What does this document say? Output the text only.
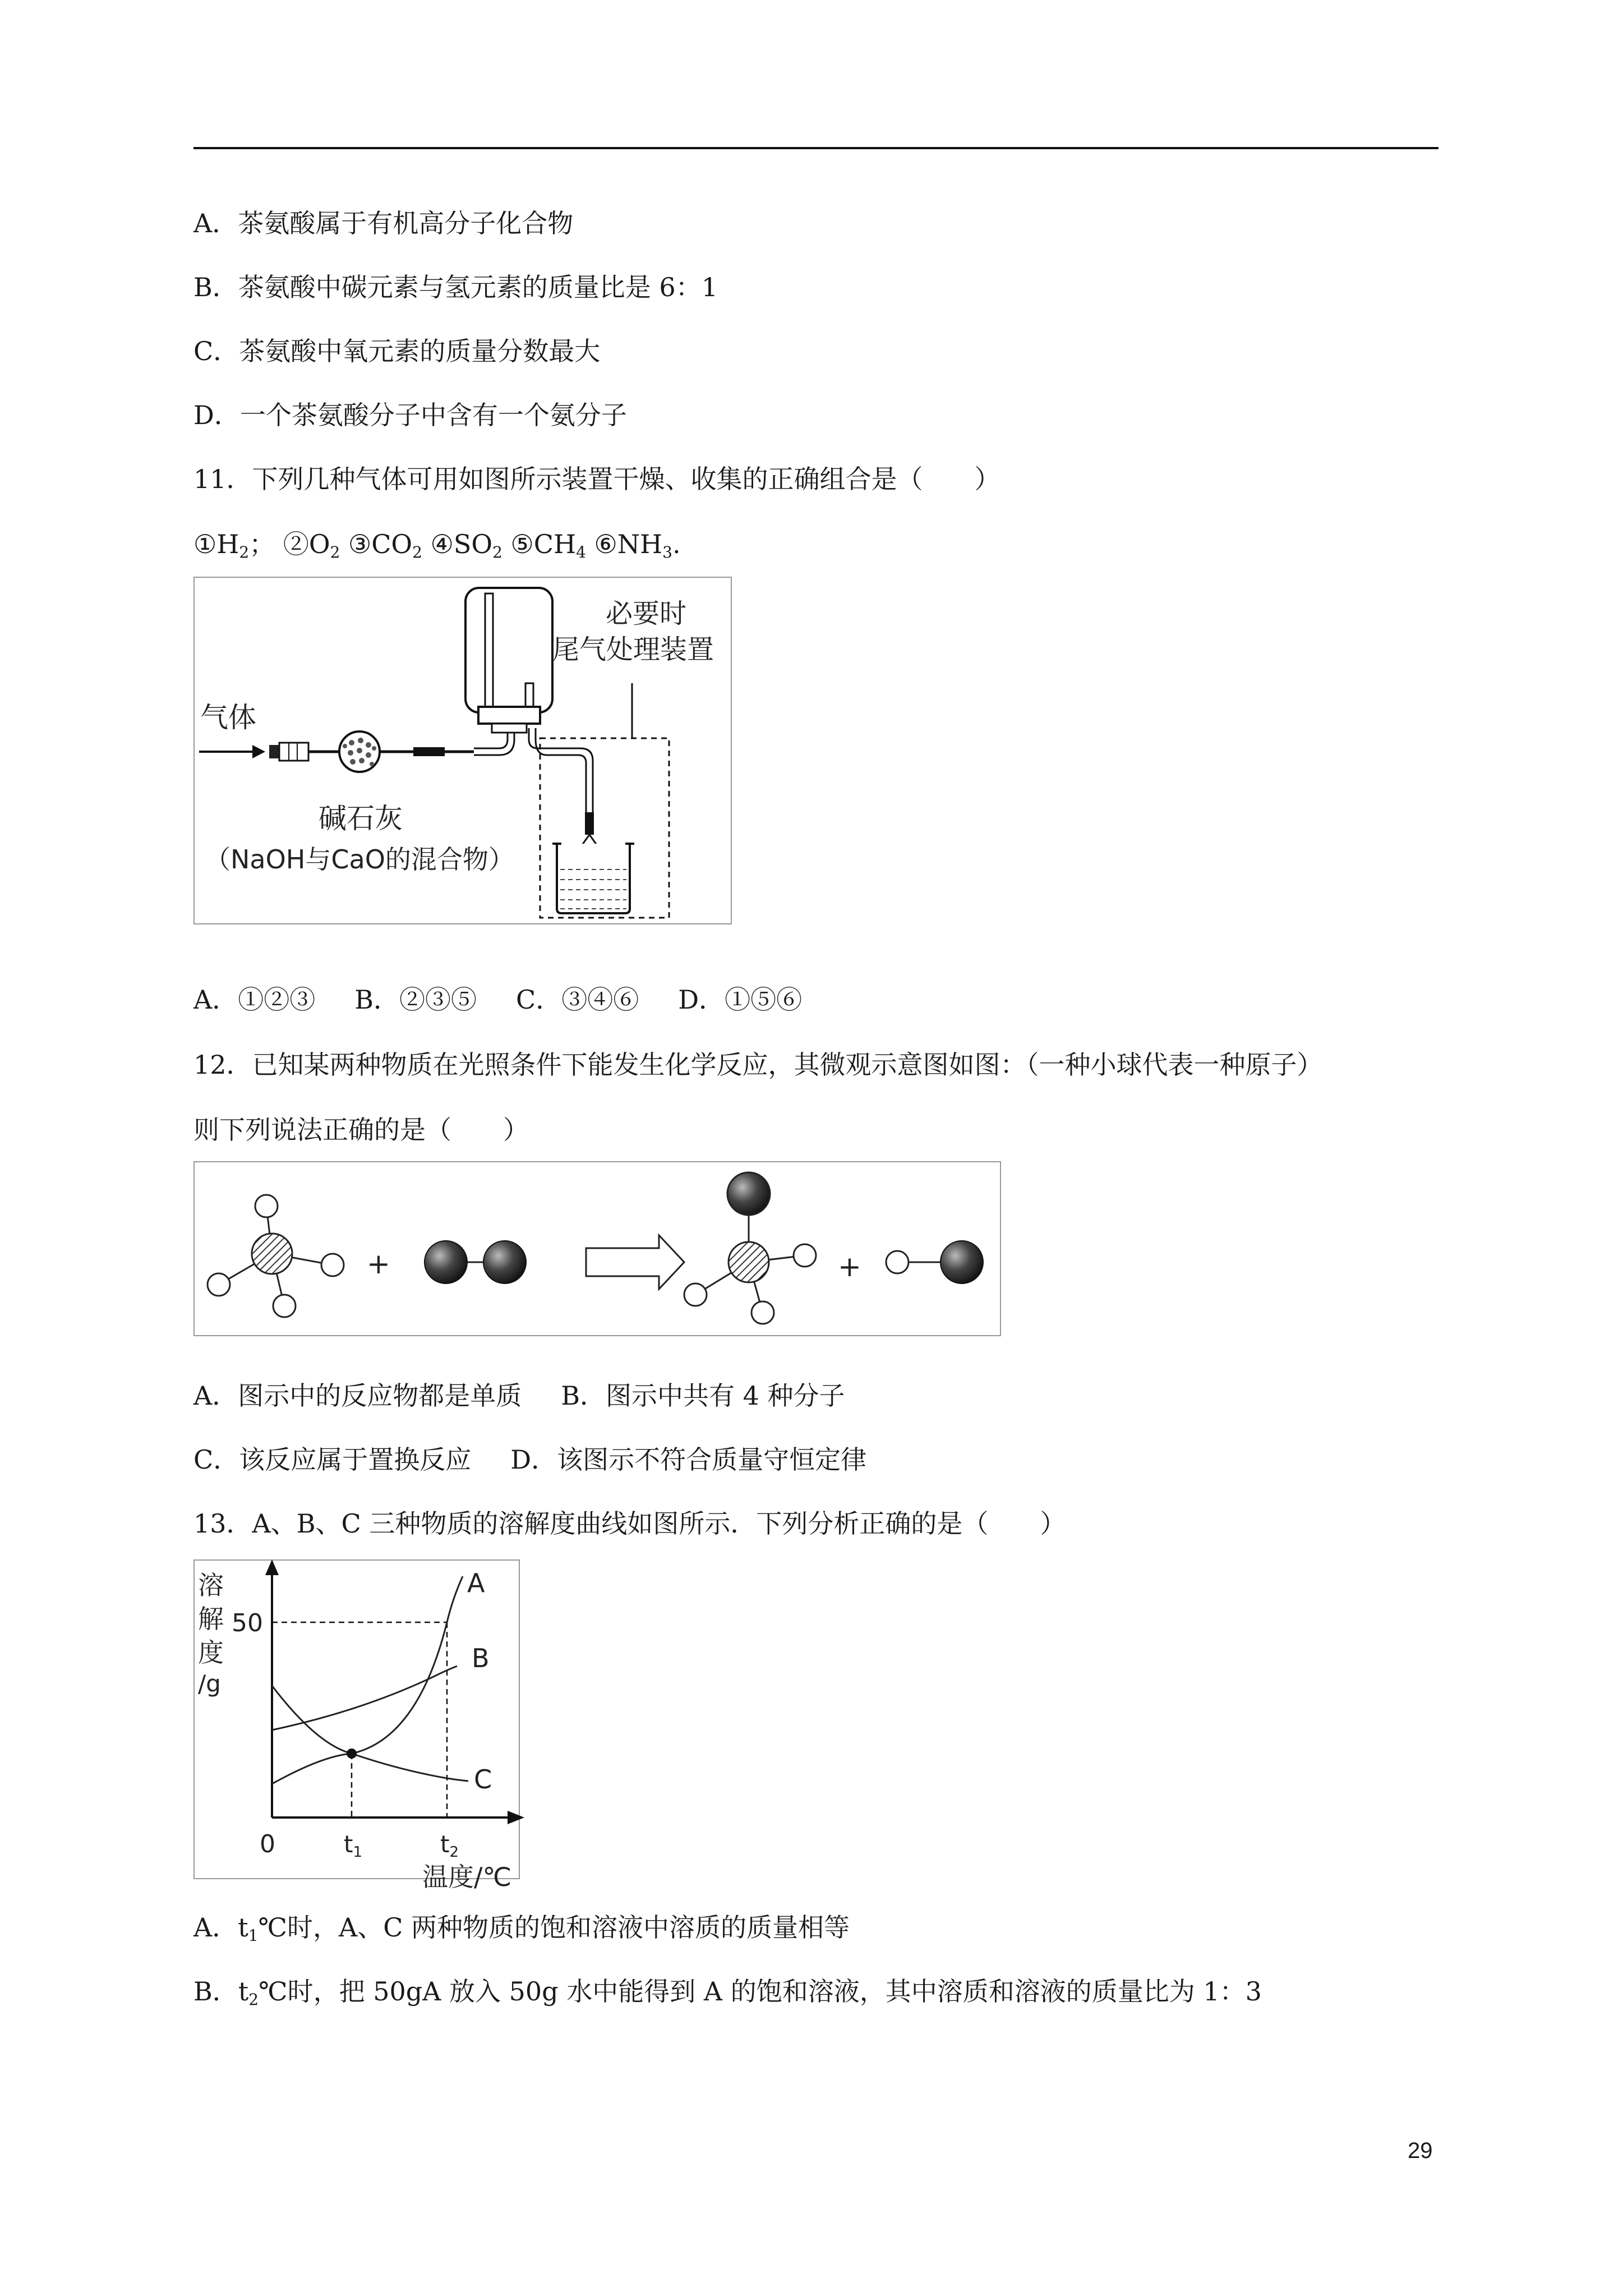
A．茶氨酸属于有机高分子化合物
B．茶氨酸中碳元素与氢元素的质量比是 6：1
C．茶氨酸中氧元素的质量分数最大
D．一个茶氨酸分子中含有一个氨分子
11．下列几种气体可用如图所示装置干燥、收集的正确组合是（　　）
$①H_2$； $②O_2$ $③CO_2$ $④SO_2$ $⑤CH_4$ $⑥NH_3$.
气体
必要时
尾气处理装置
碱石灰
（NaOH与CaO的混合物）
A．①②③ B．②③⑤ C．③④⑥ D．①⑤⑥
12．已知某两种物质在光照条件下能发生化学反应，其微观示意图如图：（一种小球代表一种原子）
则下列说法正确的是（　　）
+	+
A．图示中的反应物都是单质 B．图示中共有 4 种分子
C．该反应属于置换反应 D．该图示不符合质量守恒定律
13．A、B、C 三种物质的溶解度曲线如图所示．下列分析正确的是（　　）
溶
解
度
/g
50
0	t1	t2
温度/℃
A
B
C
A．$t_1℃$时，A、C 两种物质的饱和溶液中溶质的质量相等
B．$t_2℃$时，把 50gA 放入 50g 水中能得到 A 的饱和溶液，其中溶质和溶液的质量比为 1：3
29
